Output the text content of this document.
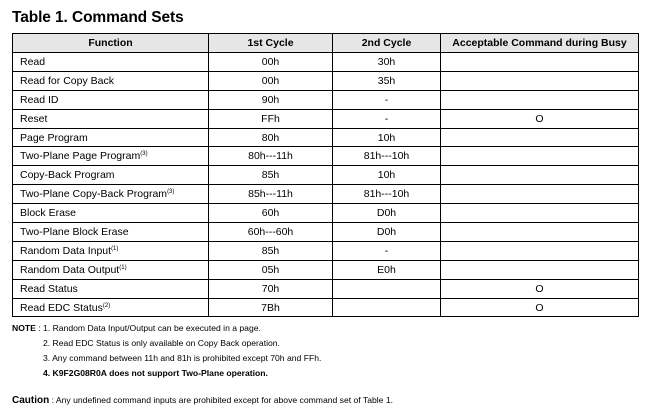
Table 1. Command Sets
Function	1st Cycle	2nd Cycle	Acceptable Command during Busy
Read	00h	30h	
Read for Copy Back	00h	35h	
Read ID	90h	-	
Reset	FFh	-	O
Page Program	80h	10h	
Two-Plane Page Program$^{(3)}$	80h---11h	81h---10h	
Copy-Back Program	85h	10h	
Two-Plane Copy-Back Program$^{(3)}$	85h---11h	81h---10h	
Block Erase	60h	D0h	
Two-Plane Block Erase	60h---60h	D0h	
Random Data Input$^{(1)}$	85h	-	
Random Data Output$^{(1)}$	05h	E0h	
Read Status	70h		O
Read EDC Status$^{(2)}$	7Bh		O
NOTE : 1. Random Data Input/Output can be executed in a page.
2. Read EDC Status is only available on Copy Back operation.
3. Any command between 11h and 81h is prohibited except 70h and FFh.
4. K9F2G08R0A does not support Two-Plane operation.
Caution : Any undefined command inputs are prohibited except for above command set of Table 1.
